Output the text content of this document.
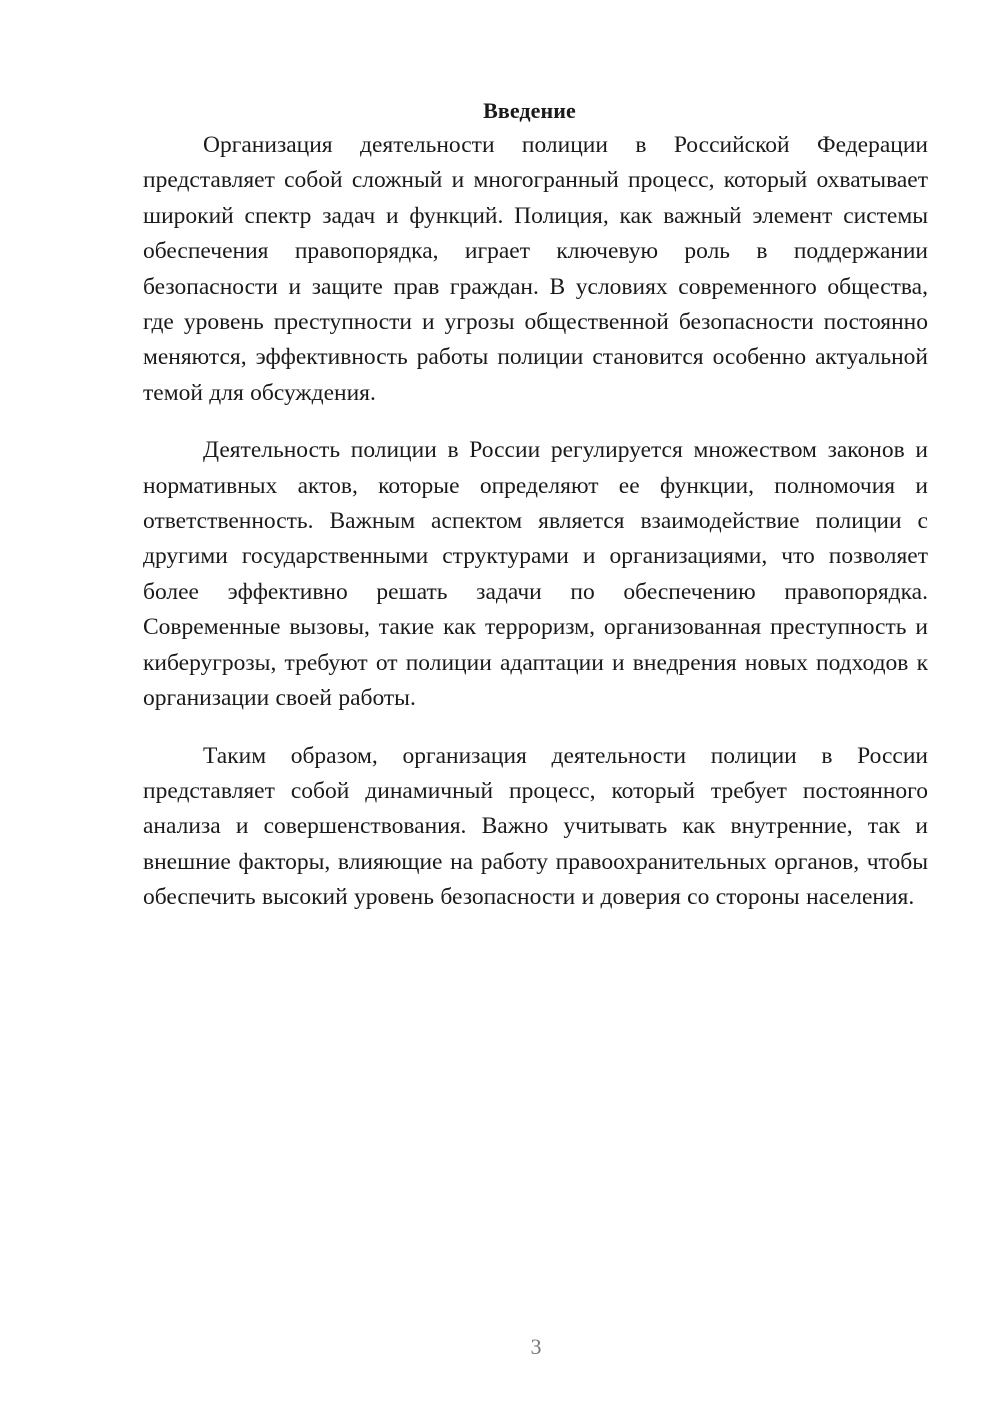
Введение

Организация деятельности полиции в Российской Федерации представляет собой сложный и многогранный процесс, который охватывает широкий спектр задач и функций. Полиция, как важный элемент системы обеспечения правопорядка, играет ключевую роль в поддержании безопасности и защите прав граждан. В условиях современного общества, где уровень преступности и угрозы общественной безопасности постоянно меняются, эффективность работы полиции становится особенно актуальной темой для обсуждения.

Деятельность полиции в России регулируется множеством законов и нормативных актов, которые определяют ее функции, полномочия и ответственность. Важным аспектом является взаимодействие полиции с другими государственными структурами и организациями, что позволяет более эффективно решать задачи по обеспечению правопорядка. Современные вызовы, такие как терроризм, организованная преступность и киберугрозы, требуют от полиции адаптации и внедрения новых подходов к организации своей работы.

Таким образом, организация деятельности полиции в России представляет собой динамичный процесс, который требует постоянного анализа и совершенствования. Важно учитывать как внутренние, так и внешние факторы, влияющие на работу правоохранительных органов, чтобы обеспечить высокий уровень безопасности и доверия со стороны населения.

3
